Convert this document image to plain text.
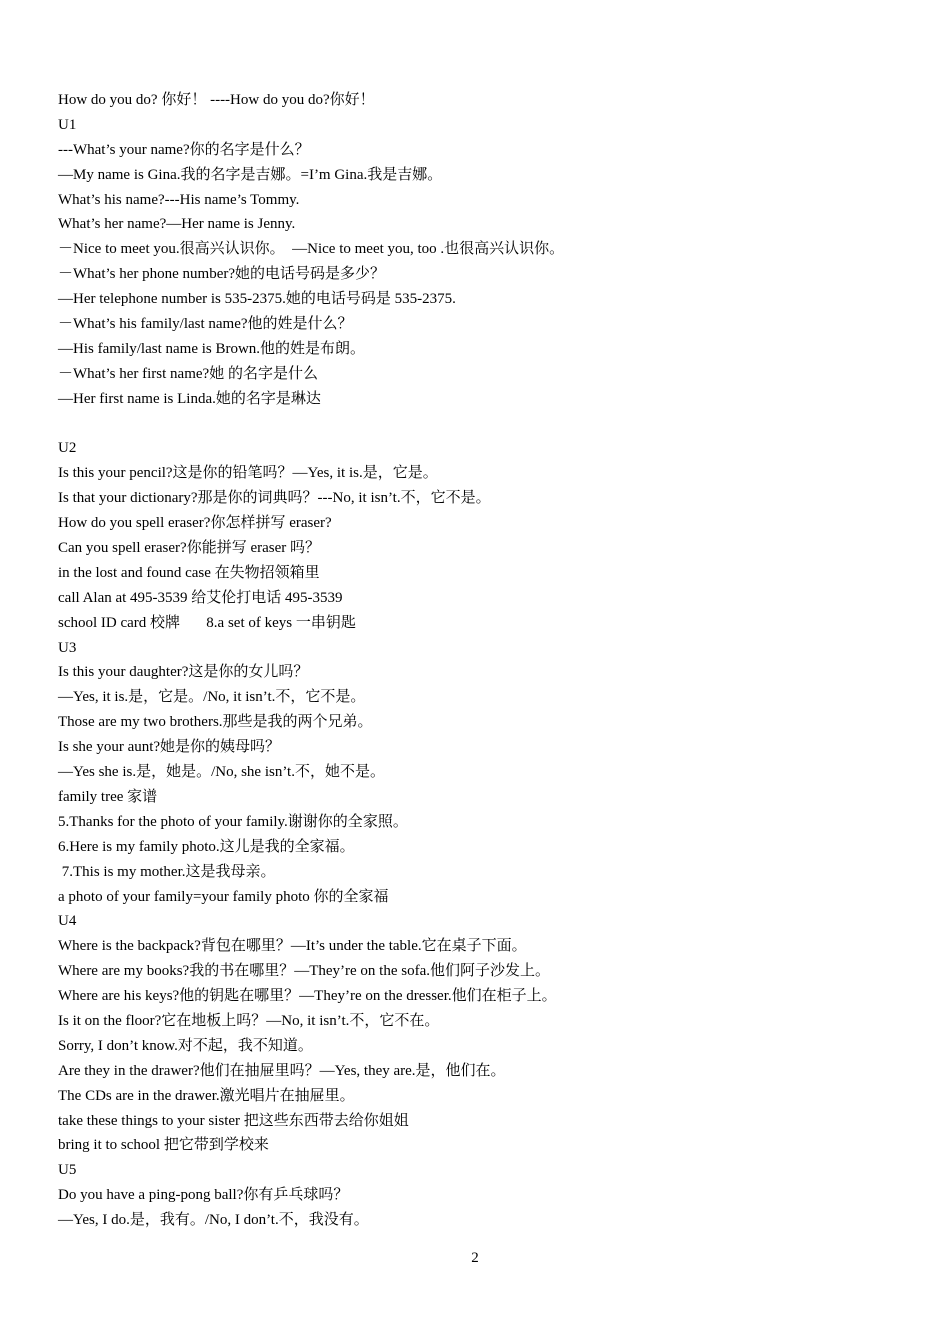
How do you do? 你好！ ----How do you do?你好！
U1
---What’s your name?你的名字是什么？
—My name is Gina.我的名字是吉娜。=I’m Gina.我是吉娜。
What’s his name?---His name’s Tommy.
What’s her name?—Her name is Jenny.
－Nice to meet you.很高兴认识你。  —Nice to meet you, too .也很高兴认识你。
－What’s her phone number?她的电话号码是多少？
—Her telephone number is 535-2375.她的电话号码是 535-2375.
－What’s his family/last name?他的姓是什么？
—His family/last name is Brown.他的姓是布朗。
－What’s her first name?她 的名字是什么
—Her first name is Linda.她的名字是琳达
U2
Is this your pencil?这是你的铅笔吗？—Yes, it is.是，它是。
Is that your dictionary?那是你的词典吗？---No, it isn’t.不，它不是。
How do you spell eraser?你怎样拼写 eraser?
Can you spell eraser?你能拼写 eraser 吗？
in the lost and found case 在失物招领箱里
call Alan at 495-3539 给艾伦打电话 495-3539
school ID card 校牌       8.a set of keys 一串钥匙
U3
Is this your daughter?这是你的女儿吗？
—Yes, it is.是，它是。/No, it isn’t.不，它不是。
Those are my two brothers.那些是我的两个兄弟。
Is she your aunt?她是你的姨母吗？
—Yes she is.是，她是。/No, she isn’t.不，她不是。
family tree 家谱
5.Thanks for the photo of your family.谢谢你的全家照。
6.Here is my family photo.这儿是我的全家福。
7.This is my mother.这是我母亲。
a photo of your family=your family photo 你的全家福
U4
Where is the backpack?背包在哪里？—It’s under the table.它在桌子下面。
Where are my books?我的书在哪里？—They’re on the sofa.他们阿子沙发上。
Where are his keys?他的钥匙在哪里？—They’re on the dresser.他们在柜子上。
Is it on the floor?它在地板上吗？—No, it isn’t.不，它不在。
Sorry, I don’t know.对不起，我不知道。
Are they in the drawer?他们在抽屉里吗？—Yes, they are.是，他们在。
The CDs are in the drawer.激光唱片在抽屉里。
take these things to your sister 把这些东西带去给你姐姐
bring it to school 把它带到学校来
U5
Do you have a ping-pong ball?你有乒乓球吗？
—Yes, I do.是，我有。/No, I don’t.不，我没有。
2
